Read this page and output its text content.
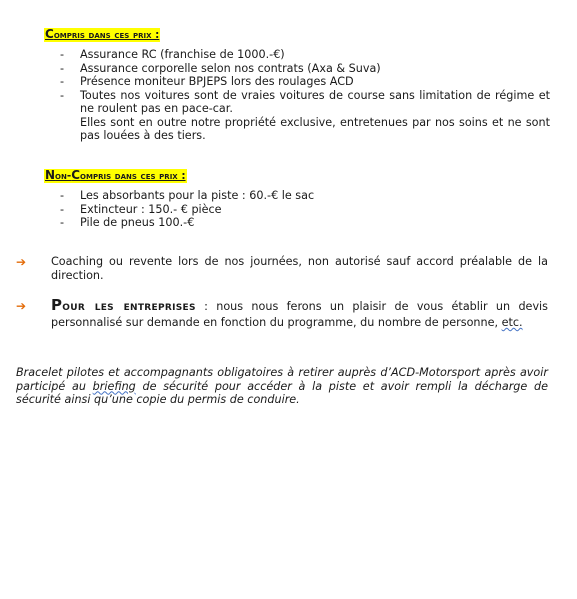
Compris dans ces prix :
- Assurance RC (franchise de 1000.-€)
- Assurance corporelle selon nos contrats (Axa & Suva)
- Présence moniteur BPJEPS lors des roulages ACD
- Toutes nos voitures sont de vraies voitures de course sans limitation de régime et ne roulent pas en pace-car.
Elles sont en outre notre propriété exclusive, entretenues par nos soins et ne sont pas louées à des tiers.
Non-Compris dans ces prix :
- Les absorbants pour la piste : 60.-€ le sac
- Extincteur : 150.- € pièce
- Pile de pneus 100.-€
➔ Coaching ou revente lors de nos journées, non autorisé sauf accord préalable de la direction.
➔ Pour les entreprises : nous nous ferons un plaisir de vous établir un devis personnalisé sur demande en fonction du programme, du nombre de personne, etc.
Bracelet pilotes et accompagnants obligatoires à retirer auprès d’ACD-Motorsport après avoir participé au briefing de sécurité pour accéder à la piste et avoir rempli la décharge de sécurité ainsi qu’une copie du permis de conduire.
